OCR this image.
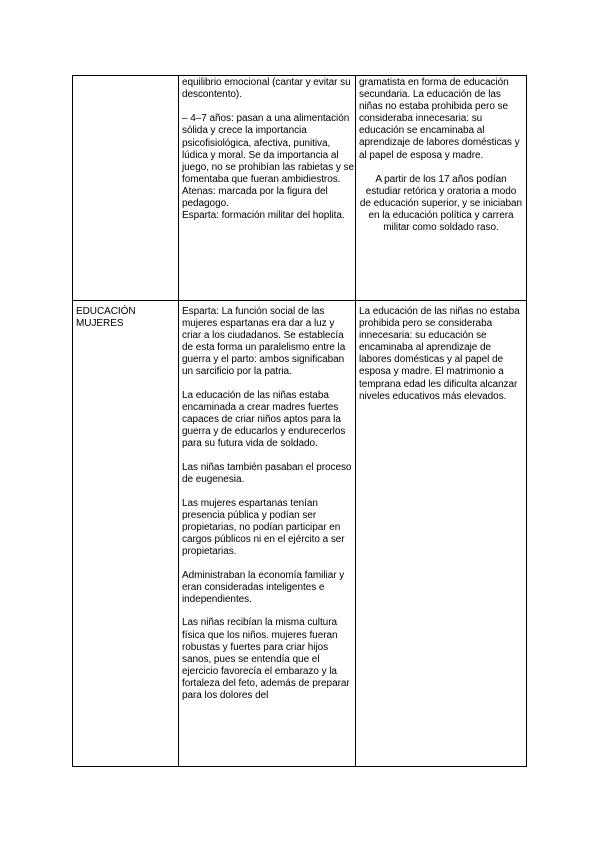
equilibrio emocional (cantar y evitar su descontento).

– 4–7 años: pasan a una alimentación sólida y crece la importancia psicofisiológica, afectiva, punitiva, lúdica y moral. Se da importancia al juego, no se prohibían las rabietas y se fomentaba que fueran ambidiestros.

Atenas: marcada por la figura del pedagogo.

Esparta: formación militar del hoplita.

gramatista en forma de educación secundaria. La educación de las niñas no estaba prohibida pero se consideraba innecesaria: su educación se encaminaba al aprendizaje de labores domésticas y al papel de esposa y madre.

A partir de los 17 años podían estudiar retórica y oratoria a modo de educación superior, y se iniciaban en la educación política y carrera militar como soldado raso.

EDUCACIÓN MUJERES

Esparta: La función social de las mujeres espartanas era dar a luz y criar a los ciudadanos. Se establecía de esta forma un paralelismo entre la guerra y el parto: ambos significaban un sarcificio por la patria.

La educación de las niñas estaba encaminada a crear madres fuertes capaces de criar niños aptos para la guerra y de educarlos y endurecerlos para su futura vida de soldado.

Las niñas también pasaban el proceso de eugenesia.

Las mujeres espartanas tenían presencia pública y podían ser propietarias, no podían participar en cargos públicos ni en el ejército a ser propietarias.

Administraban la economía familiar y eran consideradas inteligentes e independientes.

Las niñas recibían la misma cultura física que los niños. mujeres fueran robustas y fuertes para criar hijos sanos, pues se entendía que el ejercicio favorecía el embarazo y la fortaleza del feto, además de preparar para los dolores del

La educación de las niñas no estaba prohibida pero se consideraba innecesaria: su educación se encaminaba al aprendizaje de labores domésticas y al papel de esposa y madre. El matrimonio a temprana edad les dificulta alcanzar niveles educativos más elevados.
